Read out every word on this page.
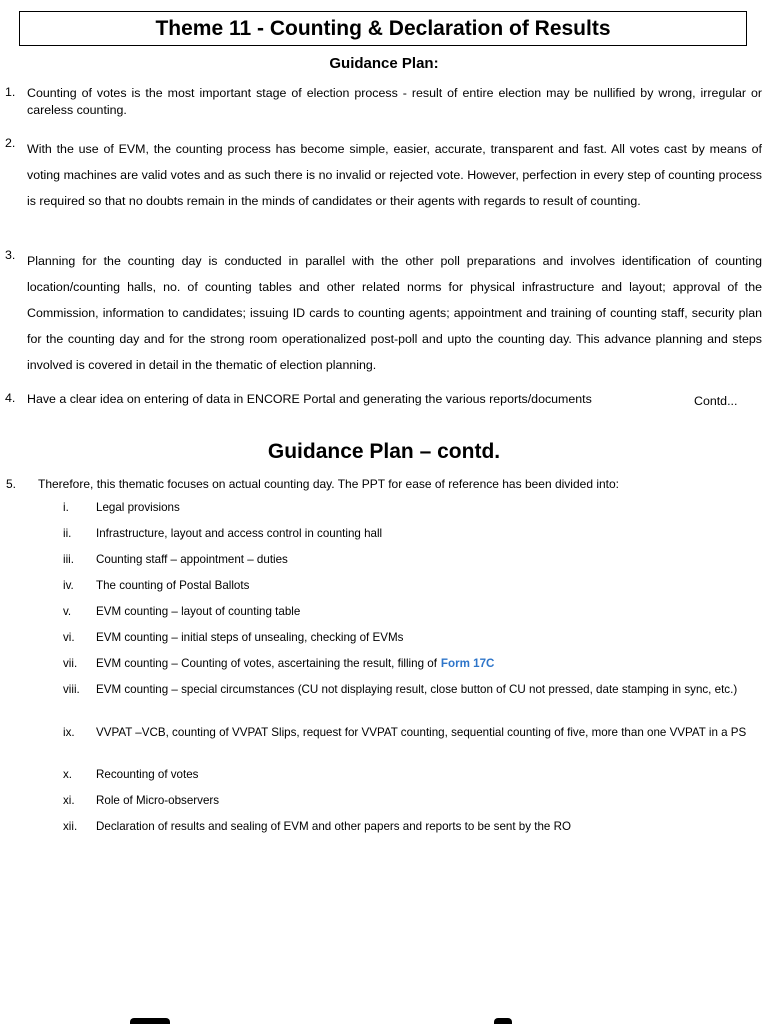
Theme 11 - Counting & Declaration of Results
Guidance Plan:
1. Counting of votes is the most important stage of election process - result of entire election may be nullified by wrong, irregular or careless counting.
2. With the use of EVM, the counting process has become simple, easier, accurate, transparent and fast. All votes cast by means of voting machines are valid votes and as such there is no invalid or rejected vote. However, perfection in every step of counting process is required so that no doubts remain in the minds of candidates or their agents with regards to result of counting.
3. Planning for the counting day is conducted in parallel with the other poll preparations and involves identification of counting location/counting halls, no. of counting tables and other related norms for physical infrastructure and layout; approval of the Commission, information to candidates; issuing ID cards to counting agents; appointment and training of counting staff, security plan for the counting day and for the strong room operationalized post-poll and upto the counting day. This advance planning and steps involved is covered in detail in the thematic of election planning.
4. Have a clear idea on entering of data in ENCORE Portal and generating the various reports/documents	Contd...
Guidance Plan – contd.
5. Therefore, this thematic focuses on actual counting day. The PPT for ease of reference has been divided into:
i. Legal provisions
ii. Infrastructure, layout and access control in counting hall
iii. Counting staff – appointment – duties
iv. The counting of Postal Ballots
v. EVM counting – layout of counting table
vi. EVM counting – initial steps of unsealing, checking of EVMs
vii. EVM counting – Counting of votes, ascertaining the result, filling of Form 17C
viii. EVM counting – special circumstances (CU not displaying result, close button of CU not pressed, date stamping in sync, etc.)
ix. VVPAT –VCB, counting of VVPAT Slips, request for VVPAT counting, sequential counting of five, more than one VVPAT in a PS
x. Recounting of votes
xi. Role of Micro-observers
xii. Declaration of results and sealing of EVM and other papers and reports to be sent by the RO
